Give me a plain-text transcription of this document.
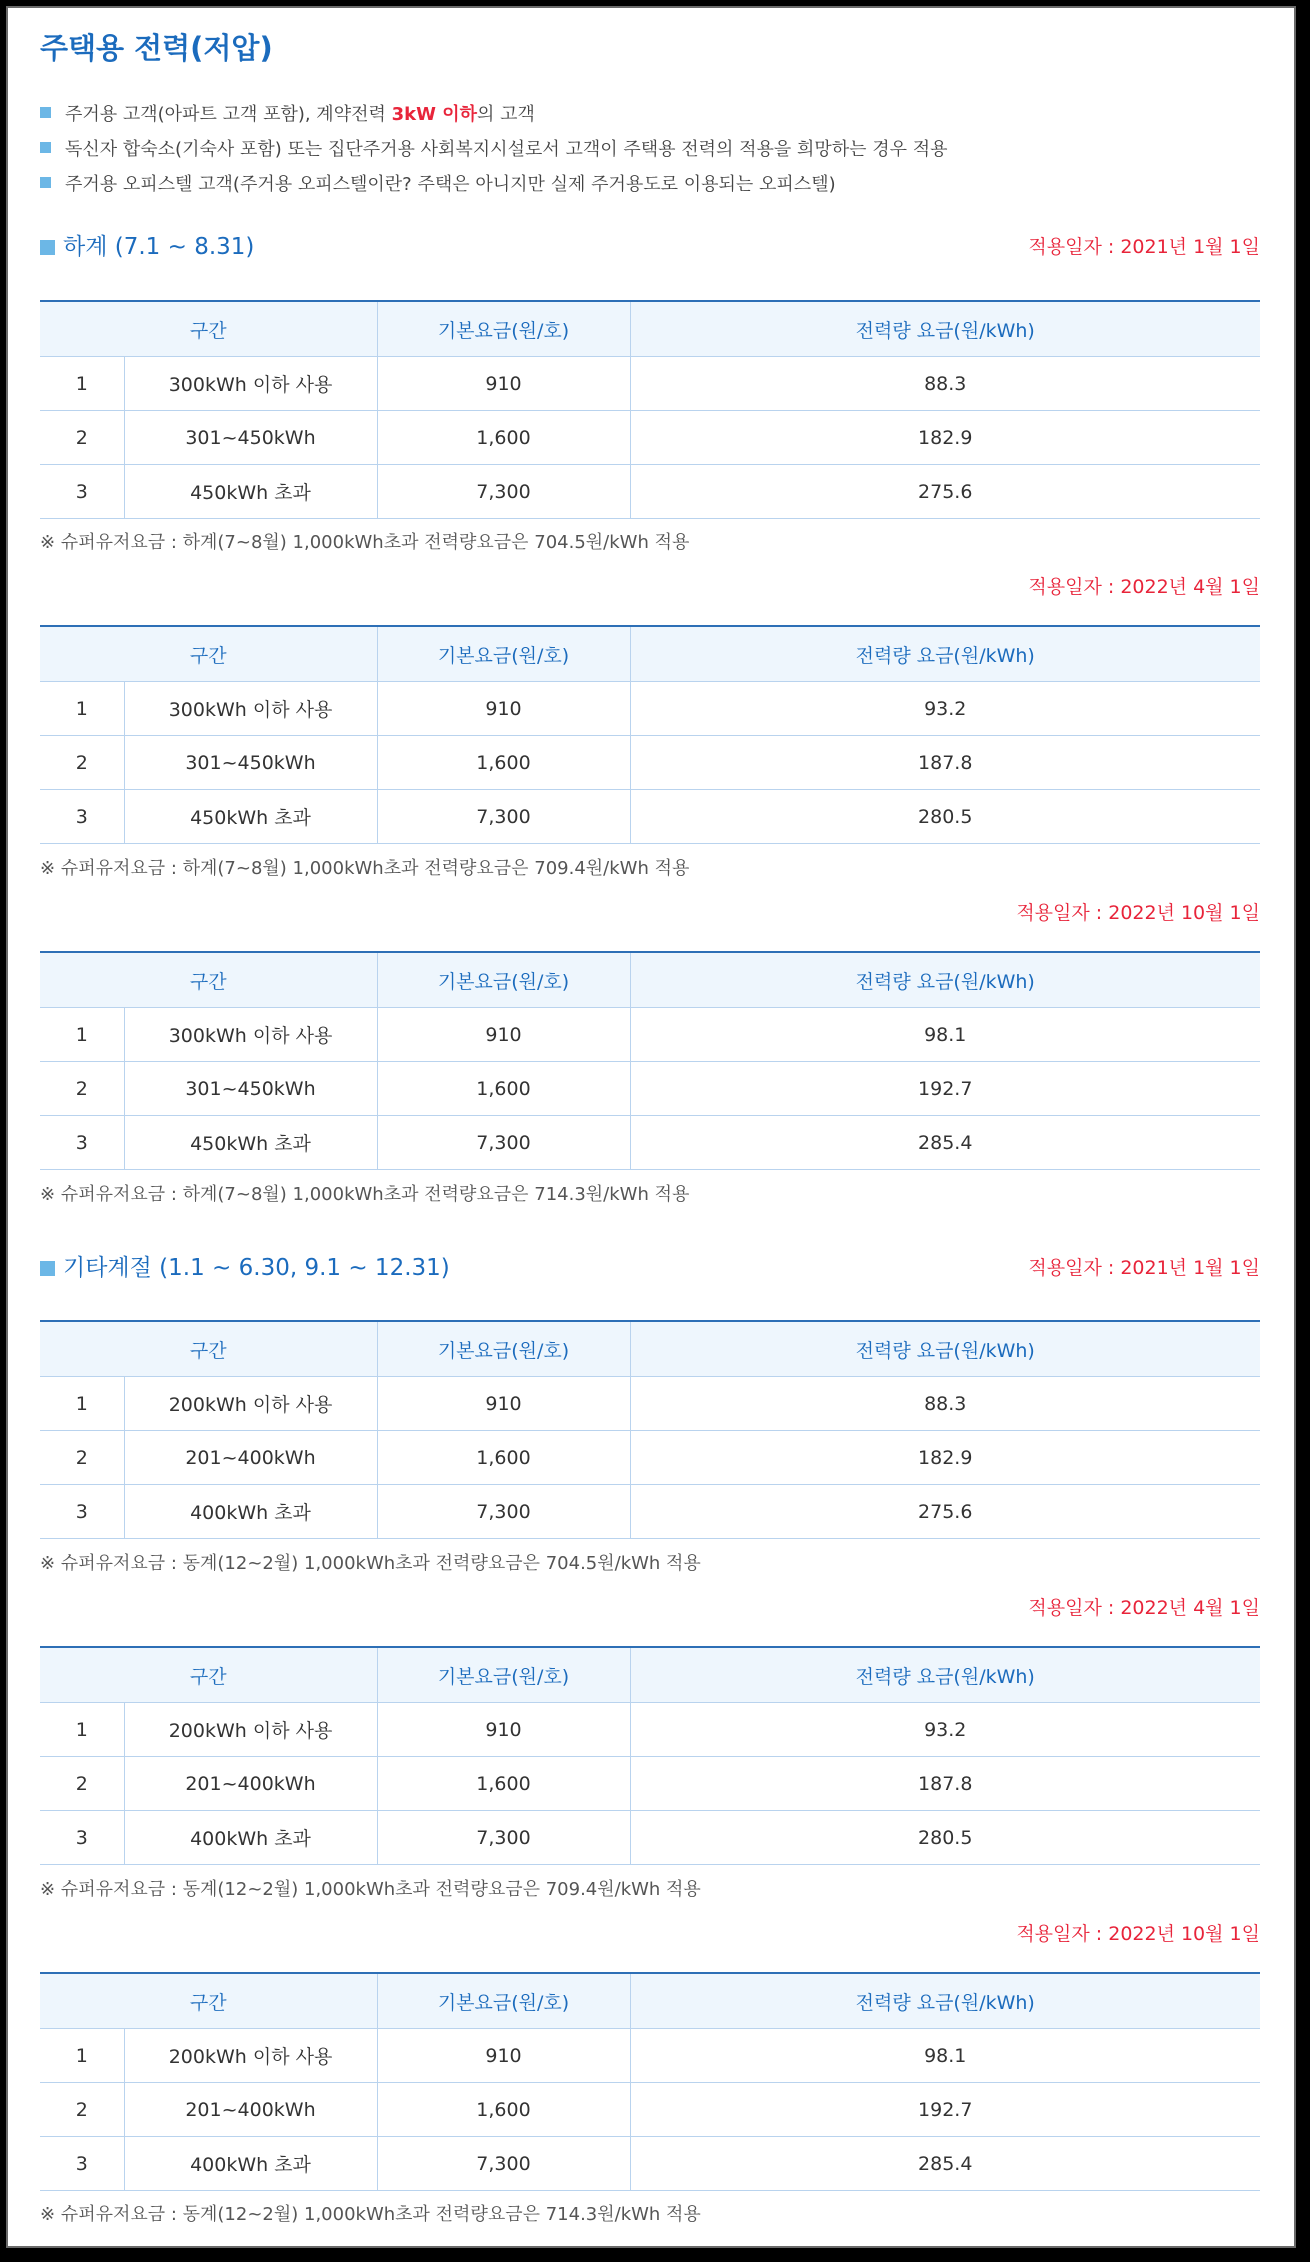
주택용 전력(저압)
주거용 고객(아파트 고객 포함), 계약전력 3kW 이하의 고객
독신자 합숙소(기숙사 포함) 또는 집단주거용 사회복지시설로서 고객이 주택용 전력의 적용을 희망하는 경우 적용
주거용 오피스텔 고객(주거용 오피스텔이란? 주택은 아니지만 실제 주거용도로 이용되는 오피스텔)
하계 (7.1 ~ 8.31)	적용일자 : 2021년 1월 1일
구간		기본요금(원/호)	전력량 요금(원/kWh)
1	300kWh 이하 사용	910	88.3
2	301~450kWh	1,600	182.9
3	450kWh 초과	7,300	275.6
※ 슈퍼유저요금 : 하계(7~8월) 1,000kWh초과 전력량요금은 704.5원/kWh 적용
적용일자 : 2022년 4월 1일
구간		기본요금(원/호)	전력량 요금(원/kWh)
1	300kWh 이하 사용	910	93.2
2	301~450kWh	1,600	187.8
3	450kWh 초과	7,300	280.5
※ 슈퍼유저요금 : 하계(7~8월) 1,000kWh초과 전력량요금은 709.4원/kWh 적용
적용일자 : 2022년 10월 1일
구간		기본요금(원/호)	전력량 요금(원/kWh)
1	300kWh 이하 사용	910	98.1
2	301~450kWh	1,600	192.7
3	450kWh 초과	7,300	285.4
※ 슈퍼유저요금 : 하계(7~8월) 1,000kWh초과 전력량요금은 714.3원/kWh 적용
기타계절 (1.1 ~ 6.30, 9.1 ~ 12.31)	적용일자 : 2021년 1월 1일
구간		기본요금(원/호)	전력량 요금(원/kWh)
1	200kWh 이하 사용	910	88.3
2	201~400kWh	1,600	182.9
3	400kWh 초과	7,300	275.6
※ 슈퍼유저요금 : 동계(12~2월) 1,000kWh초과 전력량요금은 704.5원/kWh 적용
적용일자 : 2022년 4월 1일
구간		기본요금(원/호)	전력량 요금(원/kWh)
1	200kWh 이하 사용	910	93.2
2	201~400kWh	1,600	187.8
3	400kWh 초과	7,300	280.5
※ 슈퍼유저요금 : 동계(12~2월) 1,000kWh초과 전력량요금은 709.4원/kWh 적용
적용일자 : 2022년 10월 1일
구간		기본요금(원/호)	전력량 요금(원/kWh)
1	200kWh 이하 사용	910	98.1
2	201~400kWh	1,600	192.7
3	400kWh 초과	7,300	285.4
※ 슈퍼유저요금 : 동계(12~2월) 1,000kWh초과 전력량요금은 714.3원/kWh 적용
